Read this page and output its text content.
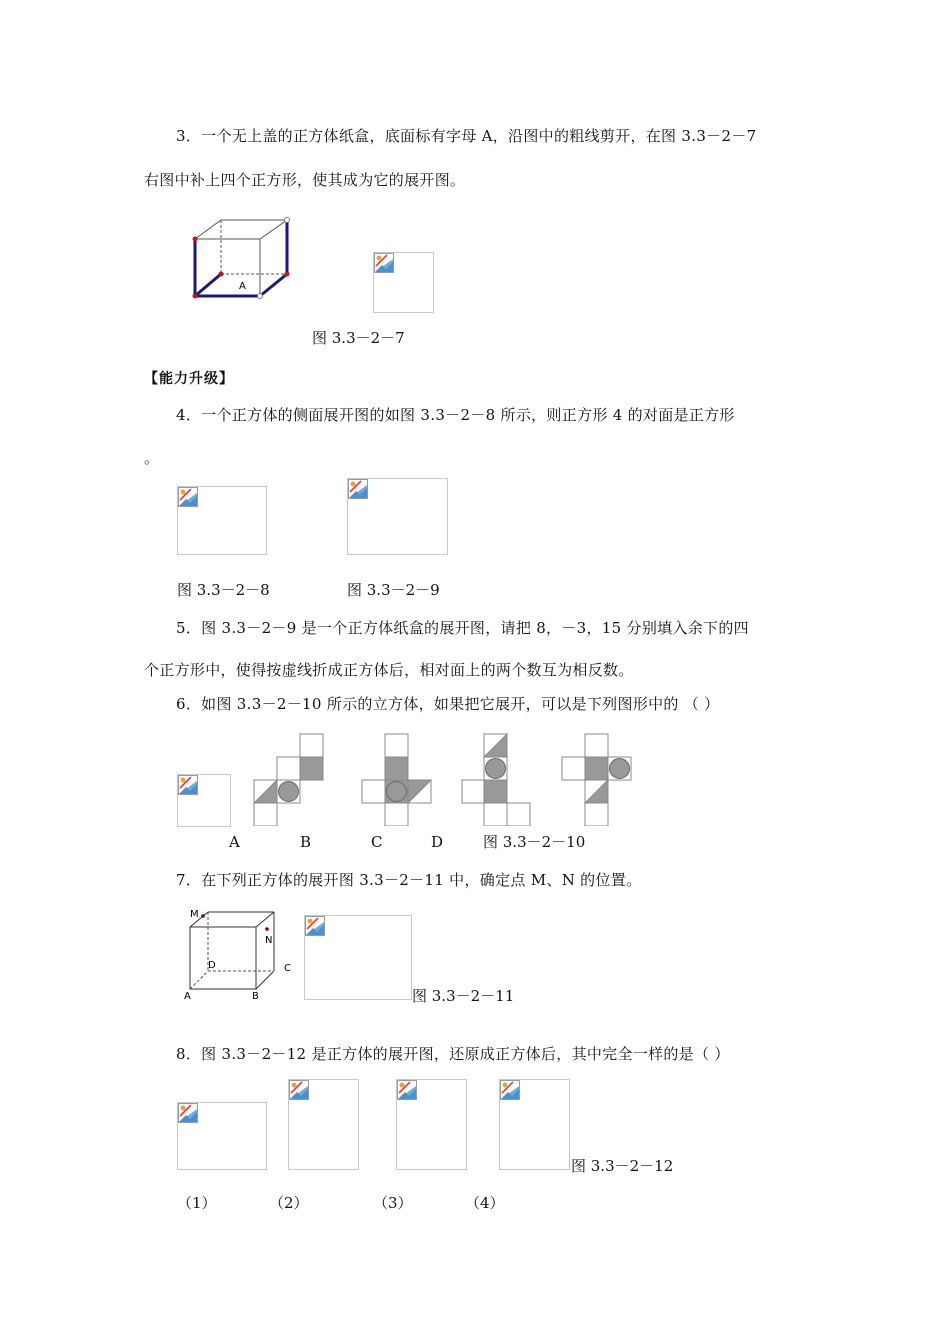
3．一个无上盖的正方体纸盒，底面标有字母 A，沿图中的粗线剪开，在图 3.3－2－7
右图中补上四个正方形，使其成为它的展开图。
A
图 3.3－2－7
【能力升级】
4．一个正方体的侧面展开图的如图 3.3－2－8 所示，则正方形 4 的对面是正方形
。
图 3.3－2－8	图 3.3－2－9
5．图 3.3－2－9 是一个正方体纸盒的展开图，请把 8，－3，15 分别填入余下的四
个正方形中，使得按虚线折成正方体后，相对面上的两个数互为相反数。
6．如图 3.3－2－10 所示的立方体，如果把它展开，可以是下列图形中的 （ ）
A	B	C	D	图 3.3－2－10
7．在下列正方体的展开图 3.3－2－11 中，确定点 M、N 的位置。
M
N
D	C
A	B	图 3.3－2－11
8．图 3.3－2－12 是正方体的展开图，还原成正方体后，其中完全一样的是（ ）
图 3.3－2－12
（1）	（2）	（3）	（4）
